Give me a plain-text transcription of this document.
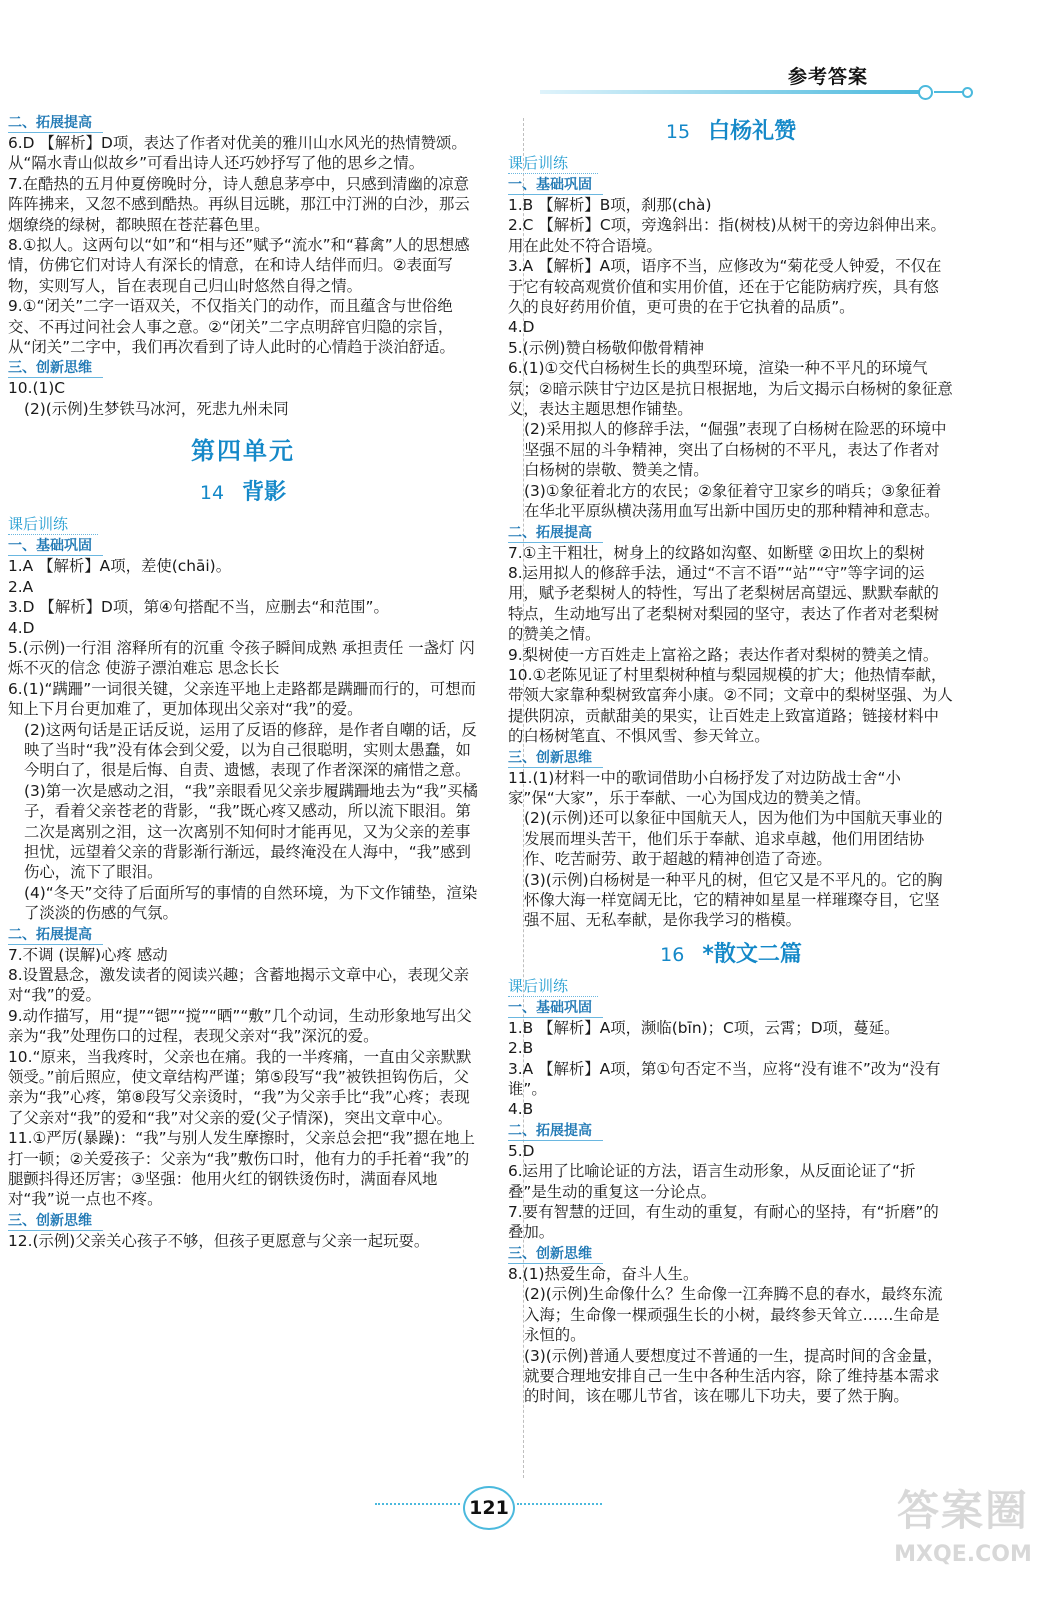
参考答案
二、拓展提高

6.D 【解析】D项，表达了作者对优美的雅川山水风光的热情赞颂。从“隔水青山似故乡”可看出诗人还巧妙抒写了他的思乡之情。

7.在酷热的五月仲夏傍晚时分，诗人憩息茅亭中，只感到清幽的凉意阵阵拂来，又忽不感到酷热。再纵目远眺，那江中汀洲的白沙，那云烟缭绕的绿树，都映照在苍茫暮色里。

8.①拟人。这两句以“如”和“相与还”赋予“流水”和“暮禽”人的思想感情，仿佛它们对诗人有深长的情意，在和诗人结伴而归。②表面写物，实则写人，旨在表现自己归山时悠然自得之情。

9.①“闭关”二字一语双关，不仅指关门的动作，而且蕴含与世俗绝交、不再过问社会人事之意。②“闭关”二字点明辞官归隐的宗旨，从“闭关”二字中，我们再次看到了诗人此时的心情趋于淡泊舒适。

三、创新思维

10.(1)C

(2)(示例)生梦铁马冰河，死悲九州未同

第四单元
14 背影
课后训练
一、基础巩固

1.A 【解析】A项，差使(chāi)。

2.A

3.D 【解析】D项，第④句搭配不当，应删去“和范围”。

4.D

5.(示例)一行泪 溶释所有的沉重 令孩子瞬间成熟 承担责任 一盏灯 闪烁不灭的信念 使游子漂泊难忘 思念长长

6.(1)“蹒跚”一词很关键，父亲连平地上走路都是蹒跚而行的，可想而知上下月台更加难了，更加体现出父亲对“我”的爱。

(2)这两句话是正话反说，运用了反语的修辞，是作者自嘲的话，反映了当时“我”没有体会到父爱，以为自己很聪明，实则太愚蠢，如今明白了，很是后悔、自责、遗憾，表现了作者深深的痛惜之意。

(3)第一次是感动之泪，“我”亲眼看见父亲步履蹒跚地去为“我”买橘子，看着父亲苍老的背影，“我”既心疼又感动，所以流下眼泪。第二次是离别之泪，这一次离别不知何时才能再见，又为父亲的差事担忧，远望着父亲的背影渐行渐远，最终淹没在人海中，“我”感到伤心，流下了眼泪。

(4)“冬天”交待了后面所写的事情的自然环境，为下文作铺垫，渲染了淡淡的伤感的气氛。

二、拓展提高

7.不调 (误解)心疼 感动

8.设置悬念，激发读者的阅读兴趣；含蓄地揭示文章中心，表现父亲对“我”的爱。

9.动作描写，用“提”“锶”“搅”“晒”“敷”几个动词，生动形象地写出父亲为“我”处理伤口的过程，表现父亲对“我”深沉的爱。

10.“原来，当我疼时，父亲也在痛。我的一半疼痛，一直由父亲默默领受。”前后照应，使文章结构严谨；第⑤段写“我”被铁担钩伤后，父亲为“我”心疼，第⑧段写父亲烫时，“我”为父亲手比“我”心疼；表现了父亲对“我”的爱和“我”对父亲的爱(父子情深)，突出文章中心。

11.①严厉(暴躁)：“我”与别人发生摩擦时，父亲总会把“我”摁在地上打一顿；②关爱孩子：父亲为“我”敷伤口时，他有力的手托着“我”的腿颤抖得还厉害；③坚强：他用火红的钢铁烫伤时，满面春风地对“我”说一点也不疼。

三、创新思维

12.(示例)父亲关心孩子不够，但孩子更愿意与父亲一起玩耍。

15 白杨礼赞
课后训练
一、基础巩固

1.B 【解析】B项，刹那(chà)

2.C 【解析】C项，旁逸斜出：指(树枝)从树干的旁边斜伸出来。用在此处不符合语境。

3.A 【解析】A项，语序不当，应修改为“菊花受人钟爱，不仅在于它有较高观赏价值和实用价值，还在于它能防病疗疾，具有悠久的良好药用价值，更可贵的在于它执着的品质”。

4.D

5.(示例)赞白杨敬仰傲骨精神

6.(1)①交代白杨树生长的典型环境，渲染一种不平凡的环境气氛；②暗示陕甘宁边区是抗日根据地，为后文揭示白杨树的象征意义，表达主题思想作铺垫。

(2)采用拟人的修辞手法，“倔强”表现了白杨树在险恶的环境中坚强不屈的斗争精神，突出了白杨树的不平凡，表达了作者对白杨树的崇敬、赞美之情。

(3)①象征着北方的农民；②象征着守卫家乡的哨兵；③象征着在华北平原纵横决荡用血写出新中国历史的那种精神和意志。

二、拓展提高

7.①主干粗壮，树身上的纹路如沟壑、如断壁 ②田坎上的梨树

8.运用拟人的修辞手法，通过“不言不语”“站”“守”等字词的运用，赋予老梨树人的特性，写出了老梨树居高望远、默默奉献的特点，生动地写出了老梨树对梨园的坚守，表达了作者对老梨树的赞美之情。

9.梨树使一方百姓走上富裕之路；表达作者对梨树的赞美之情。

10.①老陈见证了村里梨树种植与梨园规模的扩大；他热情奉献，带领大家靠种梨树致富奔小康。②不同；文章中的梨树坚强、为人提供阴凉，贡献甜美的果实，让百姓走上致富道路；链接材料中的白杨树笔直、不惧风雪、参天耸立。

三、创新思维

11.(1)材料一中的歌词借助小白杨抒发了对边防战士舍“小家”保“大家”，乐于奉献、一心为国戍边的赞美之情。

(2)(示例)还可以象征中国航天人，因为他们为中国航天事业的发展而埋头苦干，他们乐于奉献、追求卓越，他们用团结协作、吃苦耐劳、敢于超越的精神创造了奇迹。

(3)(示例)白杨树是一种平凡的树，但它又是不平凡的。它的胸怀像大海一样宽阔无比，它的精神如星星一样璀璨夺目，它坚强不屈、无私奉献，是你我学习的楷模。

16 *散文二篇
课后训练
一、基础巩固

1.B 【解析】A项，濒临(bīn)；C项，云霄；D项，蔓延。

2.B

3.A 【解析】A项，第①句否定不当，应将“没有谁不”改为“没有谁”。

4.B

二、拓展提高

5.D

6.运用了比喻论证的方法，语言生动形象，从反面论证了“折叠”是生动的重复这一分论点。

7.要有智慧的迂回，有生动的重复，有耐心的坚持，有“折磨”的叠加。

三、创新思维

8.(1)热爱生命，奋斗人生。

(2)(示例)生命像什么？生命像一江奔腾不息的春水，最终东流入海；生命像一棵顽强生长的小树，最终参天耸立……生命是永恒的。

(3)(示例)普通人要想度过不普通的一生，提高时间的含金量，就要合理地安排自己一生中各种生活内容，除了维持基本需求的时间，该在哪儿节省，该在哪儿下功夫，要了然于胸。

121	答案圈
MXQE.COM
